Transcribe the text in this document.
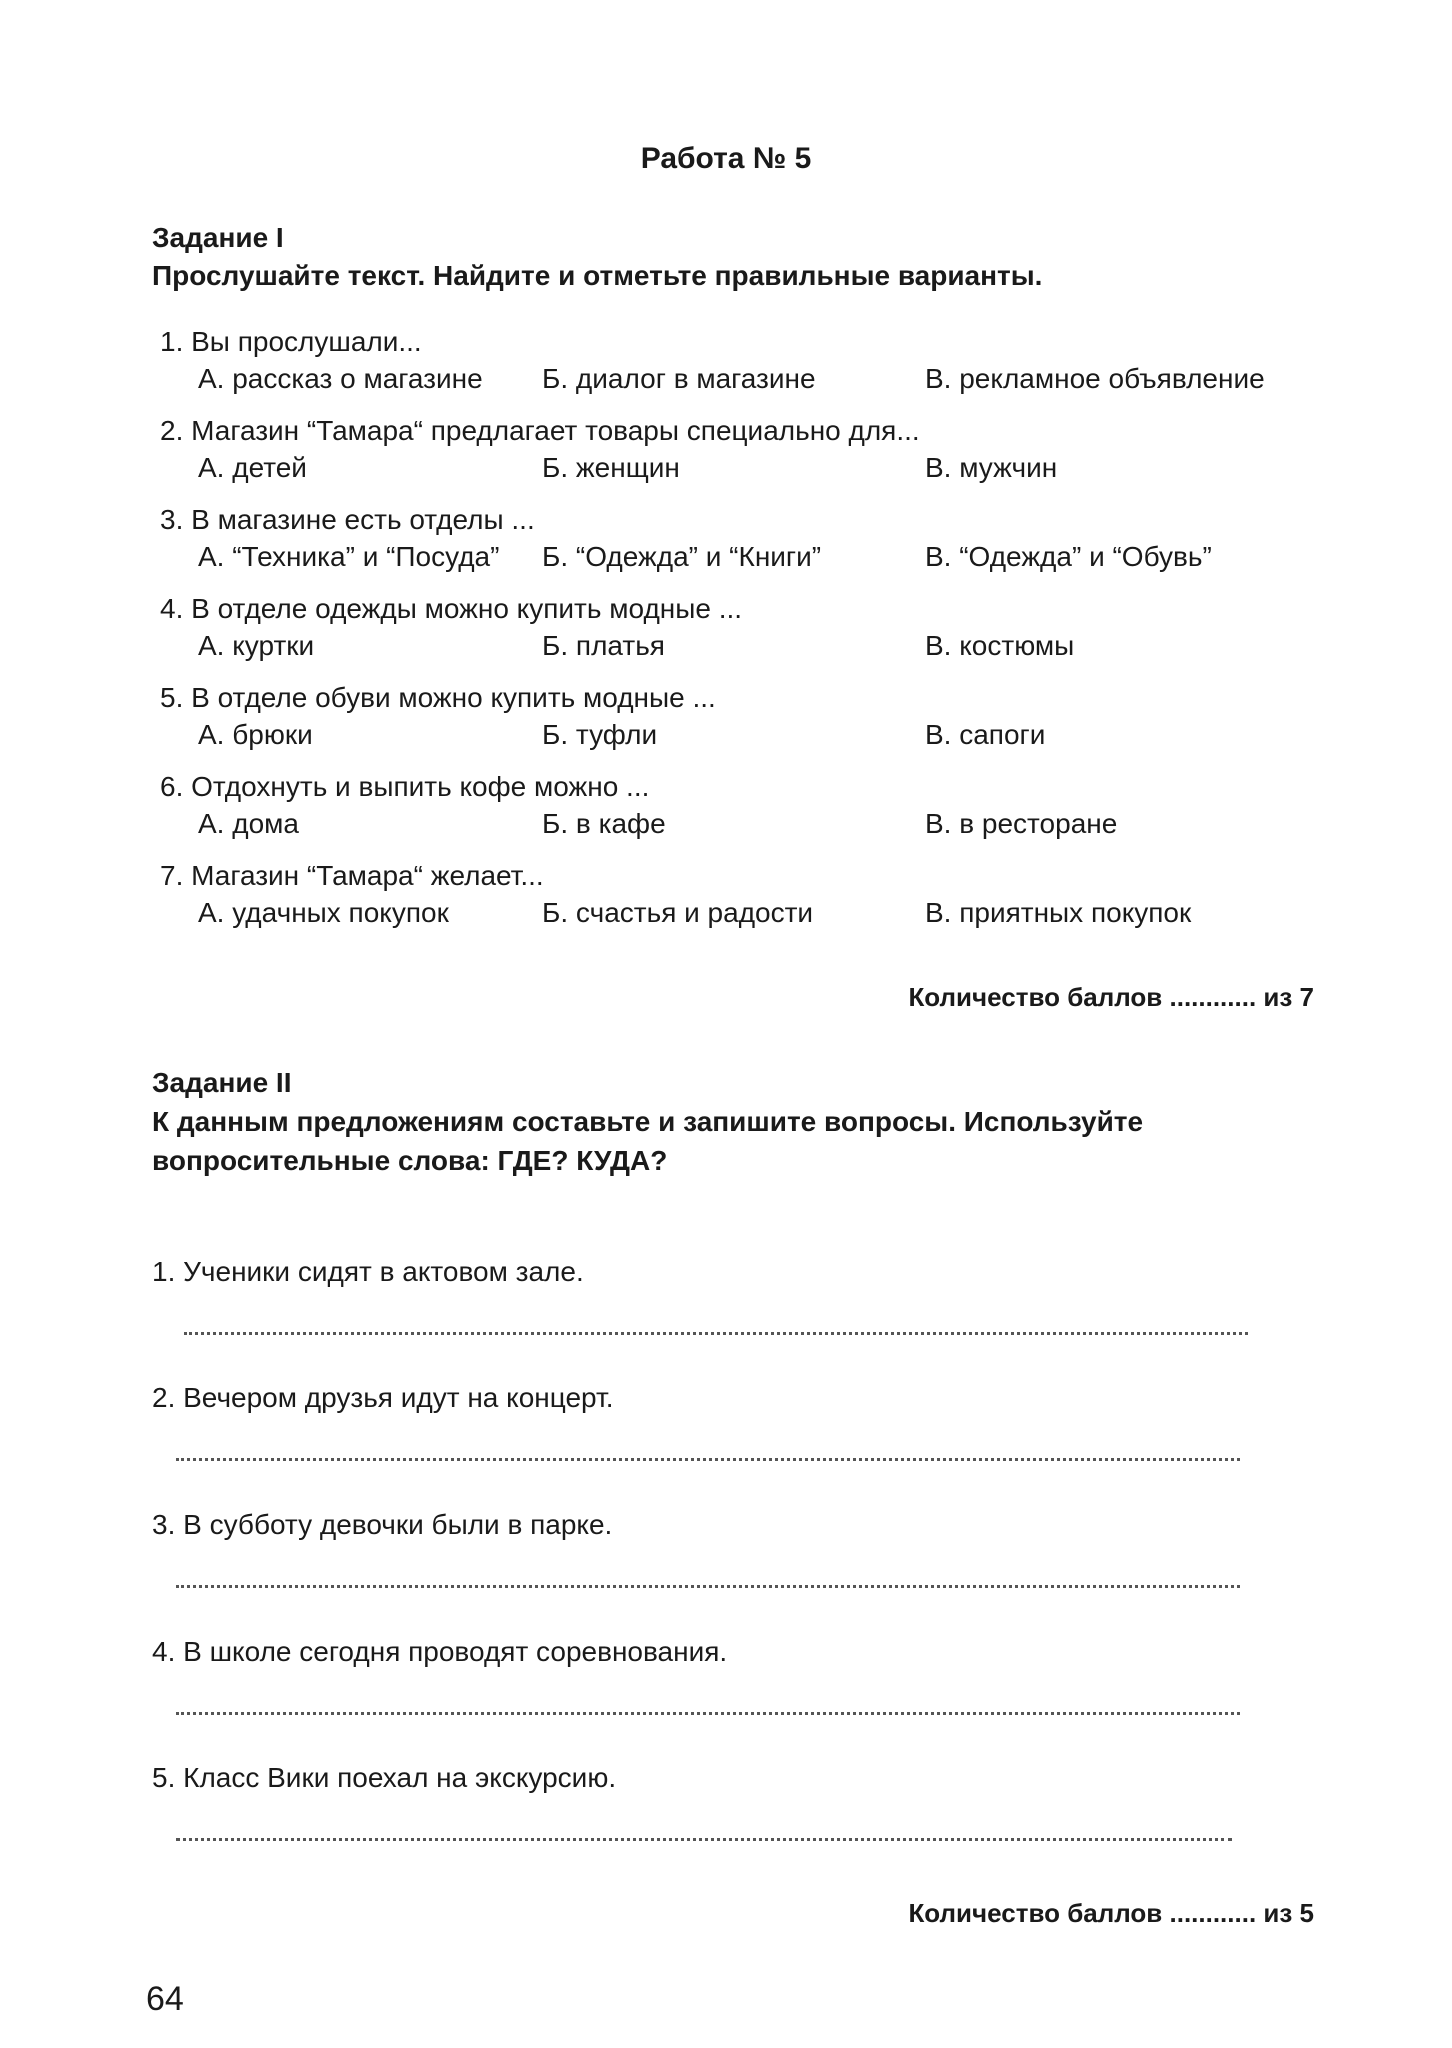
Работа № 5
Задание I
Прослушайте текст. Найдите и отметьте правильные варианты.
1. Вы прослушали...
А. рассказ о магазине Б. диалог в магазине	В. рекламное объявление
2. Магазин “Тамара“ предлагает товары специально для...
А. детей	Б. женщин	В. мужчин
3. В магазине есть отделы ...
А. “Техника” и “Посуда” Б. “Одежда” и “Книги”	В. “Одежда” и “Обувь”
4. В отделе одежды можно купить модные ...
А. куртки	Б. платья	В. костюмы
5. В отделе обуви можно купить модные ...
А. брюки	Б. туфли	В. сапоги
6. Отдохнуть и выпить кофе можно ...
А. дома	Б. в кафе	В. в ресторане
7. Магазин “Тамара“ желает...
А. удачных покупок	Б. счастья и радости	В. приятных покупок
Количество баллов ............ из 7
Задание II
К данным предложениям составьте и запишите вопросы. Используйте
вопросительные слова: ГДЕ? КУДА?
1. Ученики сидят в актовом зале.
2. Вечером друзья идут на концерт.
3. В субботу девочки были в парке.
4. В школе сегодня проводят соревнования.
5. Класс Вики поехал на экскурсию.
Количество баллов ............ из 5
64
